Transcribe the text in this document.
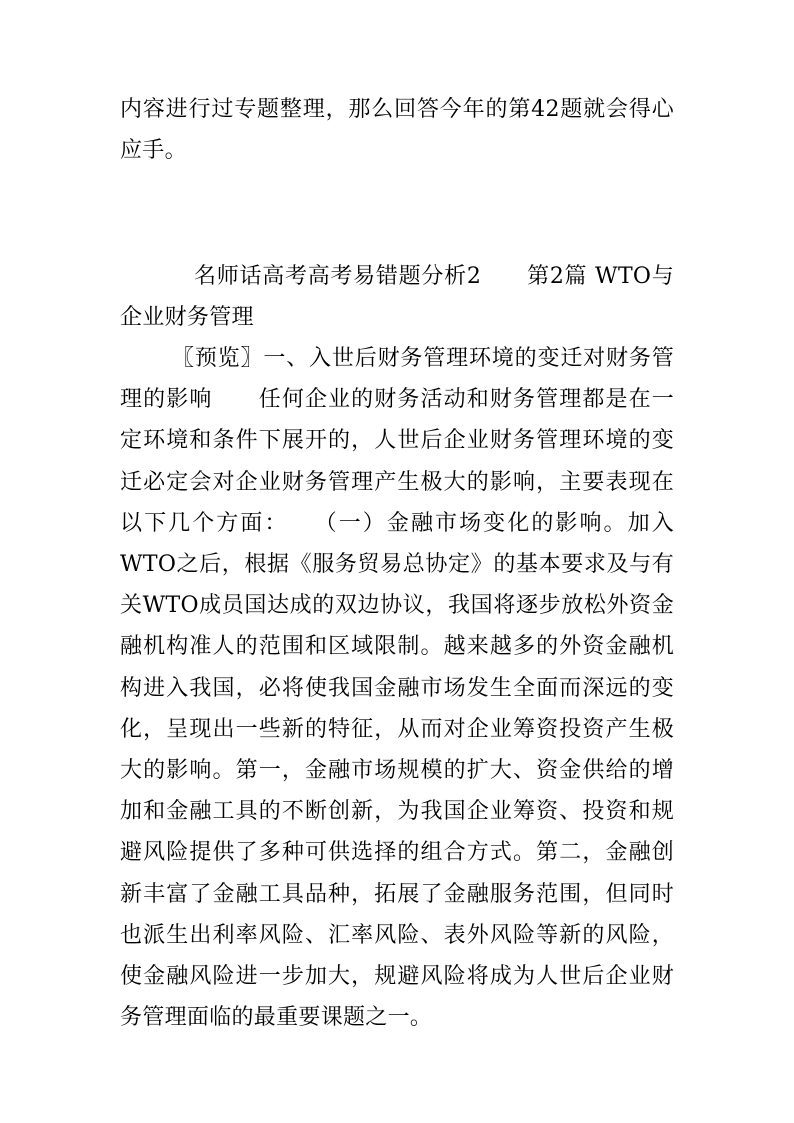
内容进行过专题整理，那么回答今年的第42题就会得心应手。

名师话高考高考易错题分析2　　第2篇 WTO与企业财务管理

〖预览〗一、入世后财务管理环境的变迁对财务管理的影响　　任何企业的财务活动和财务管理都是在一定环境和条件下展开的，人世后企业财务管理环境的变迁必定会对企业财务管理产生极大的影响，主要表现在以下几个方面：　　（一）金融市场变化的影响。加入WTO之后，根据《服务贸易总协定》的基本要求及与有关WTO成员国达成的双边协议，我国将逐步放松外资金融机构准人的范围和区域限制。越来越多的外资金融机构进入我国，必将使我国金融市场发生全面而深远的变化，呈现出一些新的特征，从而对企业筹资投资产生极大的影响。第一，金融市场规模的扩大、资金供给的增加和金融工具的不断创新，为我国企业筹资、投资和规避风险提供了多种可供选择的组合方式。第二，金融创新丰富了金融工具品种，拓展了金融服务范围，但同时也派生出利率风险、汇率风险、表外风险等新的风险，使金融风险进一步加大，规避风险将成为人世后企业财务管理面临的最重要课题之一。
